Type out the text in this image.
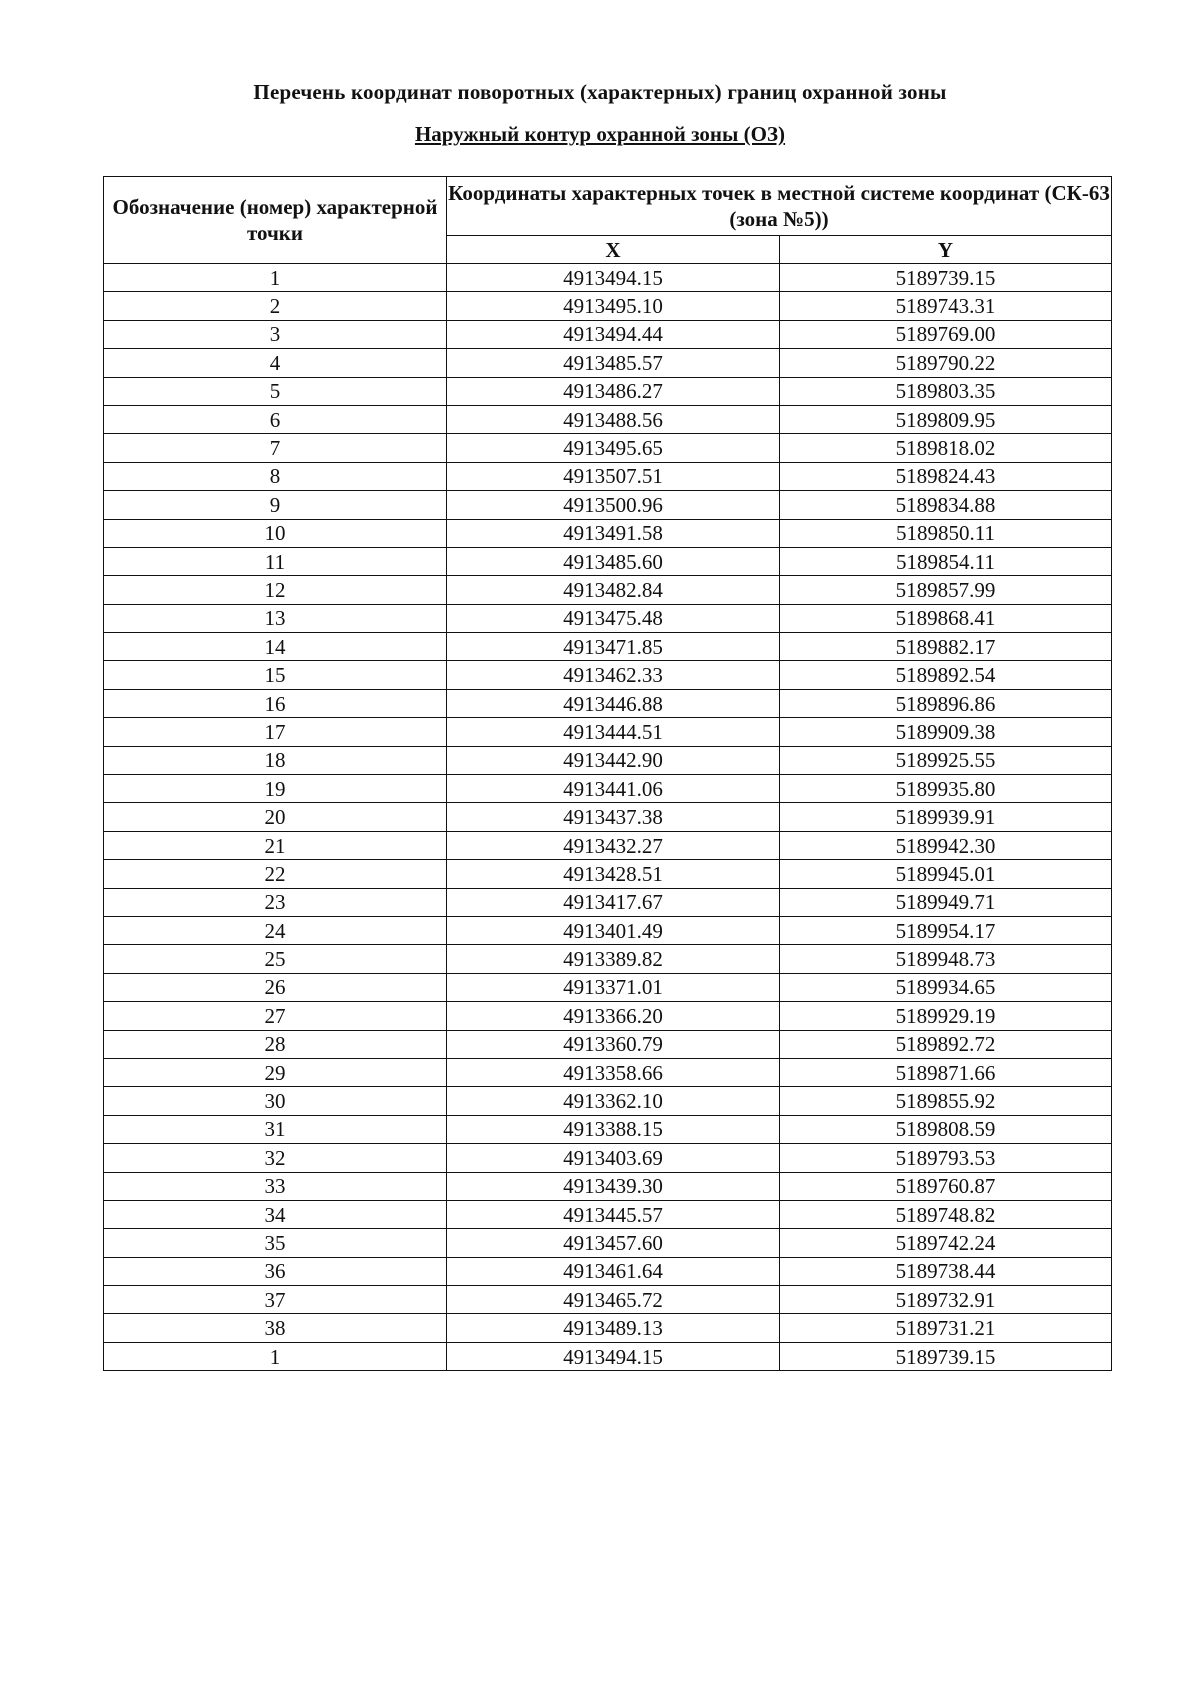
Перечень координат поворотных (характерных) границ охранной зоны
Наружный контур охранной зоны (ОЗ)
Обозначение (номер) характерной точки	Координаты характерных точек в местной системе координат (СК-63 (зона №5))	
	X	Y
1	4913494.15	5189739.15
2	4913495.10	5189743.31
3	4913494.44	5189769.00
4	4913485.57	5189790.22
5	4913486.27	5189803.35
6	4913488.56	5189809.95
7	4913495.65	5189818.02
8	4913507.51	5189824.43
9	4913500.96	5189834.88
10	4913491.58	5189850.11
11	4913485.60	5189854.11
12	4913482.84	5189857.99
13	4913475.48	5189868.41
14	4913471.85	5189882.17
15	4913462.33	5189892.54
16	4913446.88	5189896.86
17	4913444.51	5189909.38
18	4913442.90	5189925.55
19	4913441.06	5189935.80
20	4913437.38	5189939.91
21	4913432.27	5189942.30
22	4913428.51	5189945.01
23	4913417.67	5189949.71
24	4913401.49	5189954.17
25	4913389.82	5189948.73
26	4913371.01	5189934.65
27	4913366.20	5189929.19
28	4913360.79	5189892.72
29	4913358.66	5189871.66
30	4913362.10	5189855.92
31	4913388.15	5189808.59
32	4913403.69	5189793.53
33	4913439.30	5189760.87
34	4913445.57	5189748.82
35	4913457.60	5189742.24
36	4913461.64	5189738.44
37	4913465.72	5189732.91
38	4913489.13	5189731.21
1	4913494.15	5189739.15
